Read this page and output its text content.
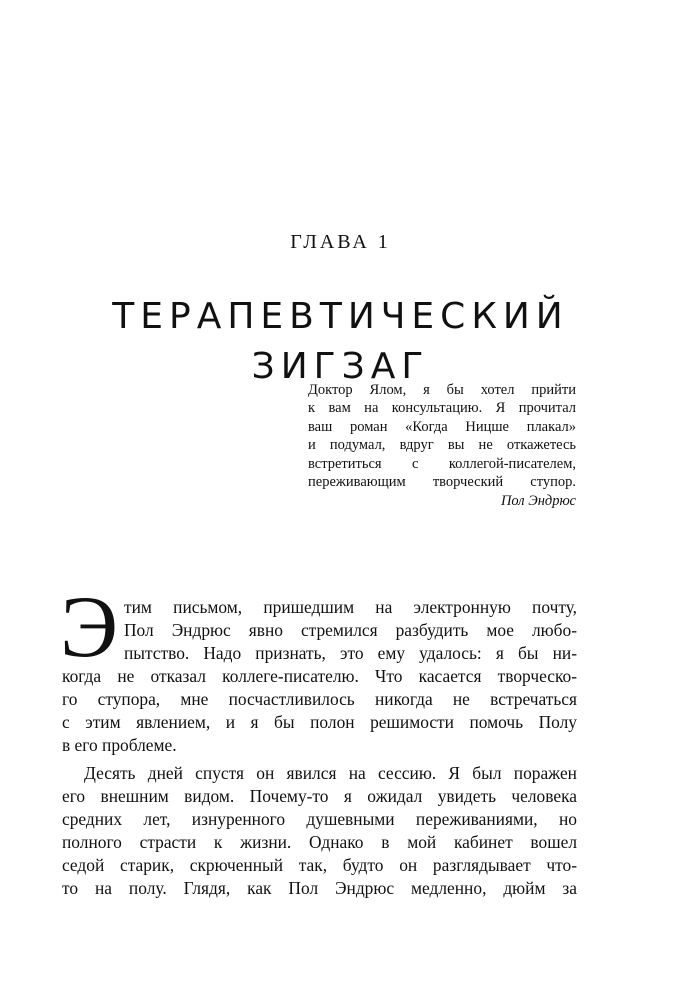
ГЛАВА 1
ТЕРАПЕВТИЧЕСКИЙ
ЗИГЗАГ
Доктор Ялом, я бы хотел прийти
к вам на консультацию. Я прочитал
ваш роман «Когда Ницше плакал»
и подумал, вдруг вы не откажетесь
встретиться с коллегой-писателем,
переживающим творческий ступор.
Пол Эндрюс
Э тим письмом, пришедшим на электронную почту,
Пол Эндрюс явно стремился разбудить мое любо-
пытство. Надо признать, это ему удалось: я бы ни-
когда не отказал коллеге-писателю. Что касается творческо-
го ступора, мне посчастливилось никогда не встречаться
с этим явлением, и я бы полон решимости помочь Полу
в его проблеме.
Десять дней спустя он явился на сессию. Я был поражен
его внешним видом. Почему-то я ожидал увидеть человека
средних лет, изнуренного душевными переживаниями, но
полного страсти к жизни. Однако в мой кабинет вошел
седой старик, скрюченный так, будто он разглядывает что-
то на полу. Глядя, как Пол Эндрюс медленно, дюйм за
